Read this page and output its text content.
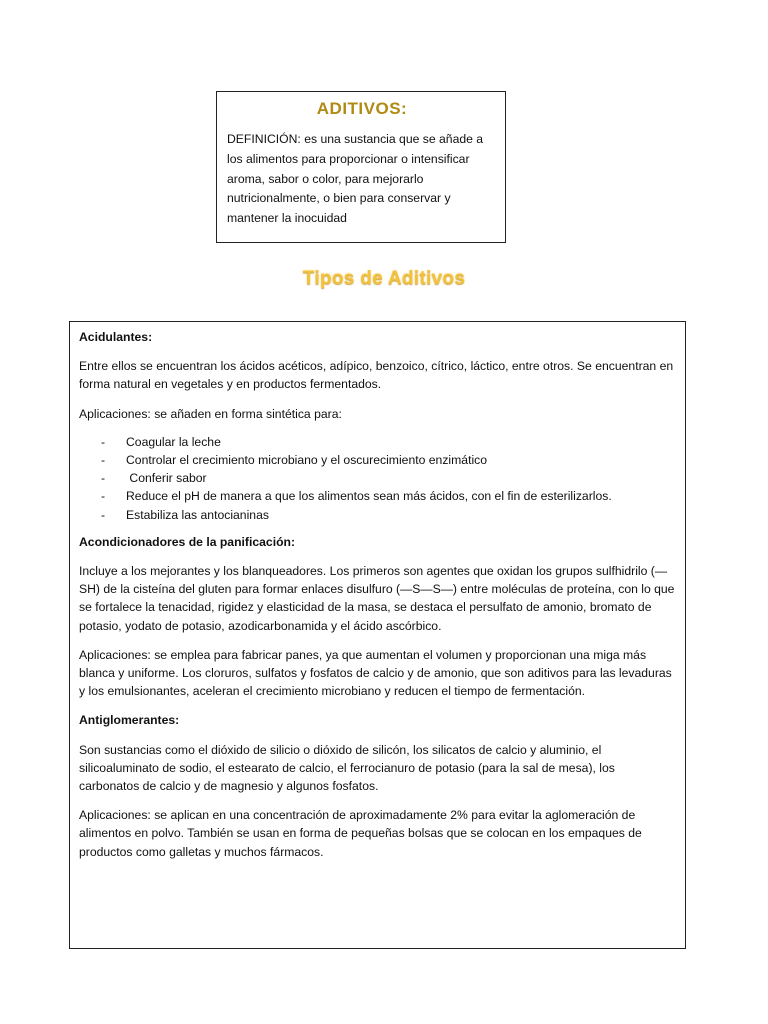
ADITIVOS:

DEFINICIÓN: es una sustancia que se añade a los alimentos para proporcionar o intensificar aroma, sabor o color, para mejorarlo nutricionalmente, o bien para conservar y mantener la inocuidad

Tipos de Aditivos

Acidulantes:

Entre ellos se encuentran los ácidos acéticos, adípico, benzoico, cítrico, láctico, entre otros. Se encuentran en forma natural en vegetales y en productos fermentados.

Aplicaciones: se añaden en forma sintética para:

- Coagular la leche
- Controlar el crecimiento microbiano y el oscurecimiento enzimático
- Conferir sabor
- Reduce el pH de manera a que los alimentos sean más ácidos, con el fin de esterilizarlos.
- Estabiliza las antocianinas

Acondicionadores de la panificación:

Incluye a los mejorantes y los blanqueadores. Los primeros son agentes que oxidan los grupos sulfhidrilo (—SH) de la cisteína del gluten para formar enlaces disulfuro (—S—S—) entre moléculas de proteína, con lo que se fortalece la tenacidad, rigidez y elasticidad de la masa, se destaca el persulfato de amonio, bromato de potasio, yodato de potasio, azodicarbonamida y el ácido ascórbico.

Aplicaciones: se emplea para fabricar panes, ya que aumentan el volumen y proporcionan una miga más blanca y uniforme. Los cloruros, sulfatos y fosfatos de calcio y de amonio, que son aditivos para las levaduras y los emulsionantes, aceleran el crecimiento microbiano y reducen el tiempo de fermentación.

Antiglomerantes:

Son sustancias como el dióxido de silicio o dióxido de silicón, los silicatos de calcio y aluminio, el silicoaluminato de sodio, el estearato de calcio, el ferrocianuro de potasio (para la sal de mesa), los carbonatos de calcio y de magnesio y algunos fosfatos.

Aplicaciones: se aplican en una concentración de aproximadamente 2% para evitar la aglomeración de alimentos en polvo. También se usan en forma de pequeñas bolsas que se colocan en los empaques de productos como galletas y muchos fármacos.
